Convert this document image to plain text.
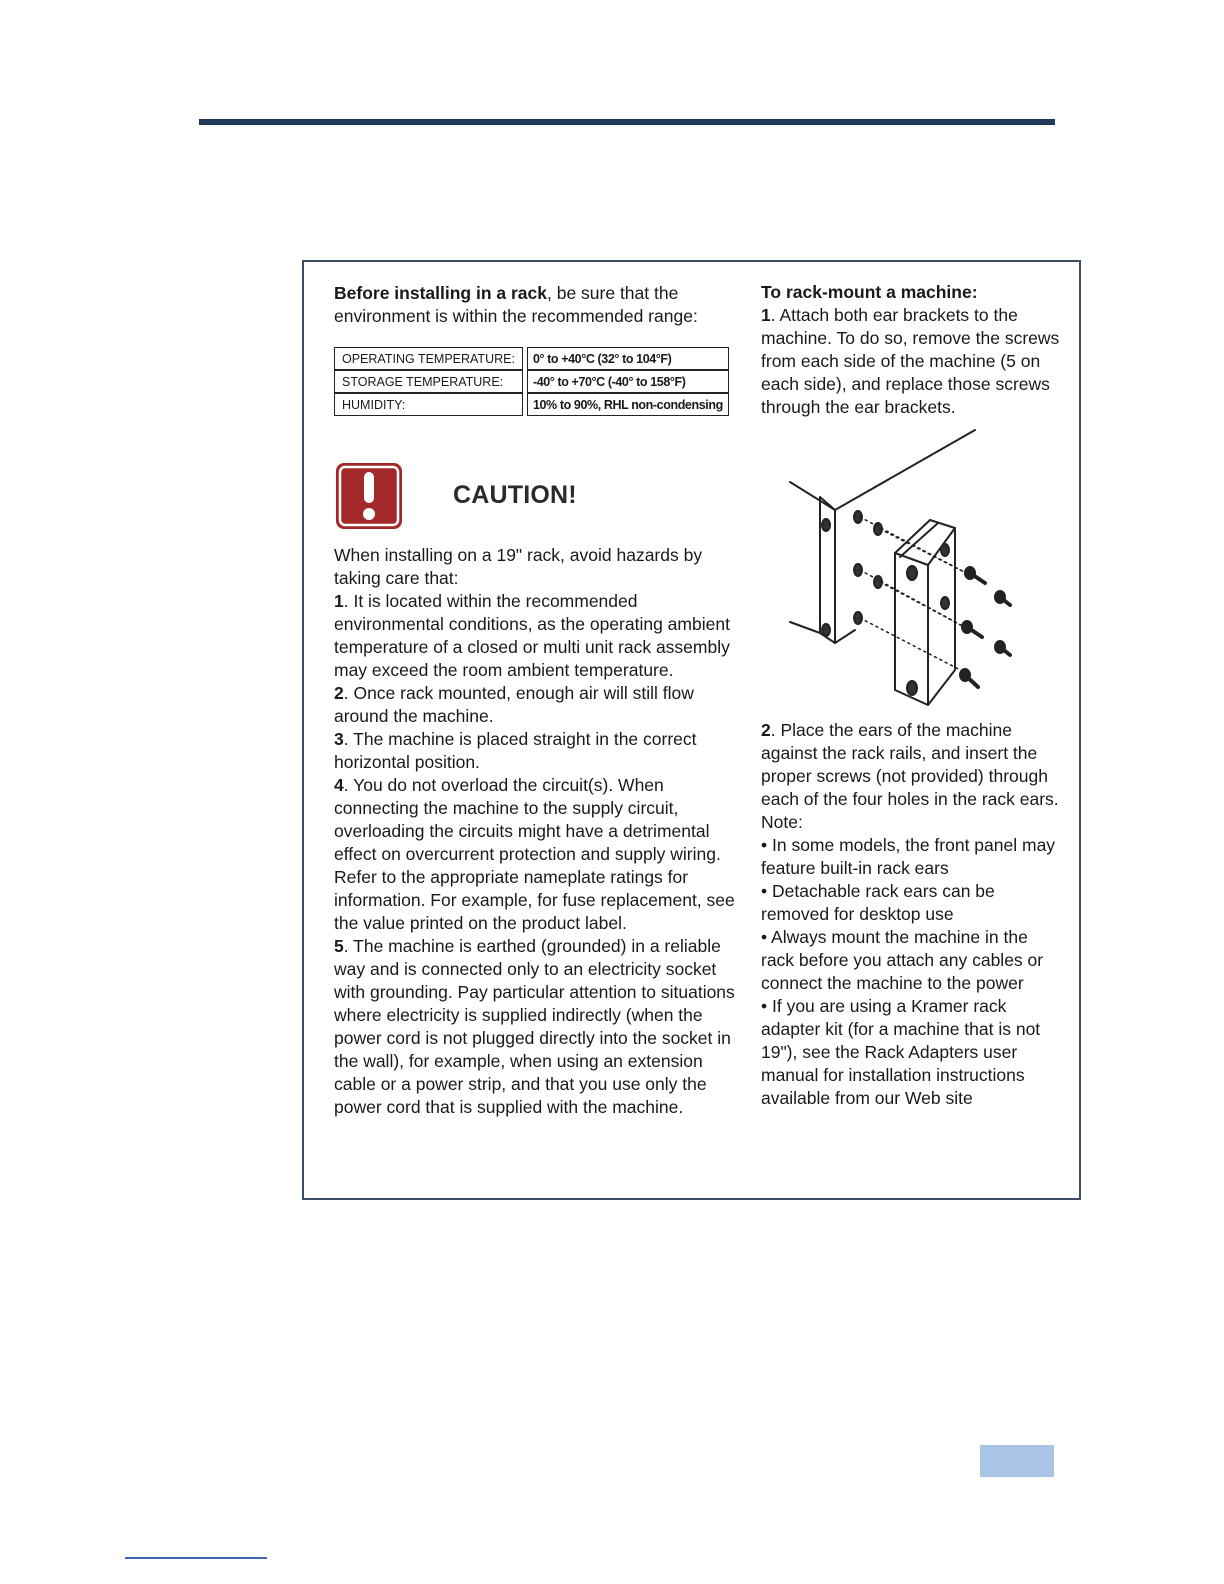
Before installing in a rack, be sure that the environment is within the recommended range:

OPERATING TEMPERATURE:	0° to +40°C (32° to 104°F)
STORAGE TEMPERATURE:	-40° to +70°C (-40° to 158°F)
HUMIDITY:	10% to 90%, RHL non-condensing
CAUTION!

When installing on a 19" rack, avoid hazards by taking care that:

1. It is located within the recommended environmental conditions, as the operating ambient temperature of a closed or multi unit rack assembly may exceed the room ambient temperature.

2. Once rack mounted, enough air will still flow around the machine.

3. The machine is placed straight in the correct horizontal position.

4. You do not overload the circuit(s). When connecting the machine to the supply circuit, overloading the circuits might have a detrimental effect on overcurrent protection and supply wiring. Refer to the appropriate nameplate ratings for information. For example, for fuse replacement, see the value printed on the product label.

5. The machine is earthed (grounded) in a reliable way and is connected only to an electricity socket with grounding. Pay particular attention to situations where electricity is supplied indirectly (when the power cord is not plugged directly into the socket in the wall), for example, when using an extension cable or a power strip, and that you use only the power cord that is supplied with the machine.

To rack-mount a machine:

1. Attach both ear brackets to the machine. To do so, remove the screws from each side of the machine (5 on each side), and replace those screws through the ear brackets.

2. Place the ears of the machine against the rack rails, and insert the proper screws (not provided) through each of the four holes in the rack ears.

Note:

• In some models, the front panel may feature built-in rack ears

• Detachable rack ears can be removed for desktop use

• Always mount the machine in the rack before you attach any cables or connect the machine to the power

• If you are using a Kramer rack adapter kit (for a machine that is not 19"), see the Rack Adapters user manual for installation instructions available from our Web site
